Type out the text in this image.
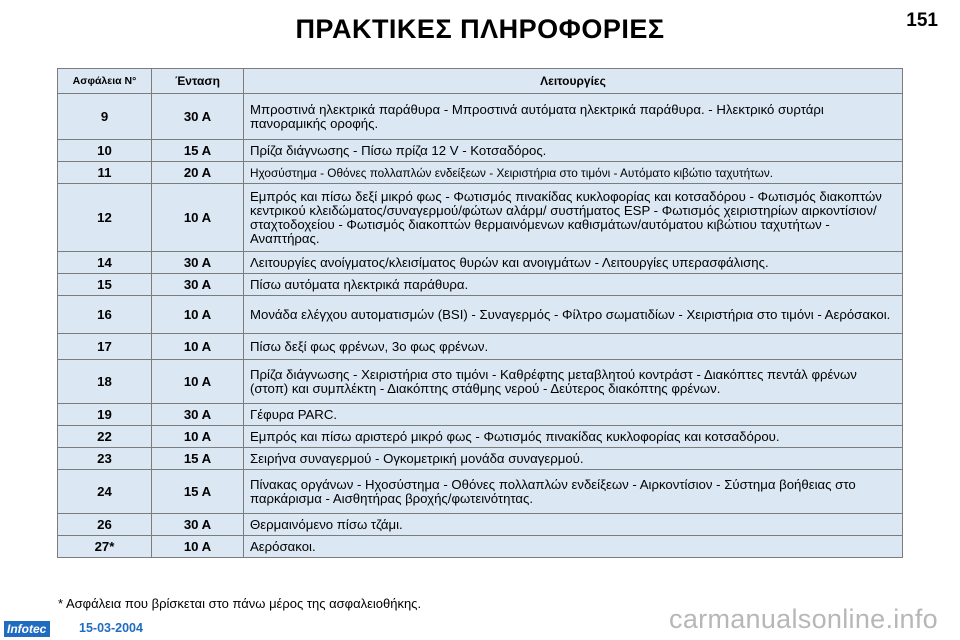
ΠΡΑΚΤΙΚΕΣ ΠΛΗΡΟΦΟΡΙΕΣ	151
Ασφάλεια N°	Ένταση	Λειτουργίες
9	30 A	Μπροστινά ηλεκτρικά παράθυρα - Μπροστινά αυτόματα ηλεκτρικά παράθυρα. - Ηλεκτρικό συρτάρι πανοραμικής οροφής.
10	15 A	Πρίζα διάγνωσης - Πίσω πρίζα 12 V - Κοτσαδόρος.
11	20 A	Ηχοσύστημα - Οθόνες πολλαπλών ενδείξεων - Χειριστήρια στο τιμόνι - Αυτόματο κιβώτιο ταχυτήτων.
12	10 A	Εμπρός και πίσω δεξί μικρό φως - Φωτισμός πινακίδας κυκλοφορίας και κοτσαδόρου - Φωτισμός διακοπτών κεντρικού κλειδώματος/συναγερμού/φώτων αλάρμ/ συστήματος ESP - Φωτισμός χειριστηρίων αιρκοντίσιον/σταχτοδοχείου - Φωτισμός διακοπτών θερμαινόμενων καθισμάτων/αυτόματου κιβώτιου ταχυτήτων - Αναπτήρας.
14	30 A	Λειτουργίες ανοίγματος/κλεισίματος θυρών και ανοιγμάτων - Λειτουργίες υπερασφάλισης.
15	30 A	Πίσω αυτόματα ηλεκτρικά παράθυρα.
16	10 A	Μονάδα ελέγχου αυτοματισμών (BSI) - Συναγερμός - Φίλτρο σωματιδίων - Χειριστήρια στο τιμόνι - Αερόσακοι.
17	10 A	Πίσω δεξί φως φρένων, 3ο φως φρένων.
18	10 A	Πρίζα διάγνωσης - Χειριστήρια στο τιμόνι - Καθρέφτης μεταβλητού κοντράστ - Διακόπτες πεντάλ φρένων (στοπ) και συμπλέκτη - Διακόπτης στάθμης νερού - Δεύτερος διακόπτης φρένων.
19	30 A	Γέφυρα PARC.
22	10 A	Εμπρός και πίσω αριστερό μικρό φως - Φωτισμός πινακίδας κυκλοφορίας και κοτσαδόρου.
23	15 A	Σειρήνα συναγερμού - Ογκομετρική μονάδα συναγερμού.
24	15 A	Πίνακας οργάνων - Ηχοσύστημα - Οθόνες πολλαπλών ενδείξεων - Αιρκοντίσιον - Σύστημα βοήθειας στο παρκάρισμα - Αισθητήρας βροχής/φωτεινότητας.
26	30 A	Θερμαινόμενο πίσω τζάμι.
27*	10 A	Αερόσακοι.
* Ασφάλεια που βρίσκεται στο πάνω μέρος της ασφαλειοθήκης.
Infotec	15-03-2004	carmanualsonline.info
